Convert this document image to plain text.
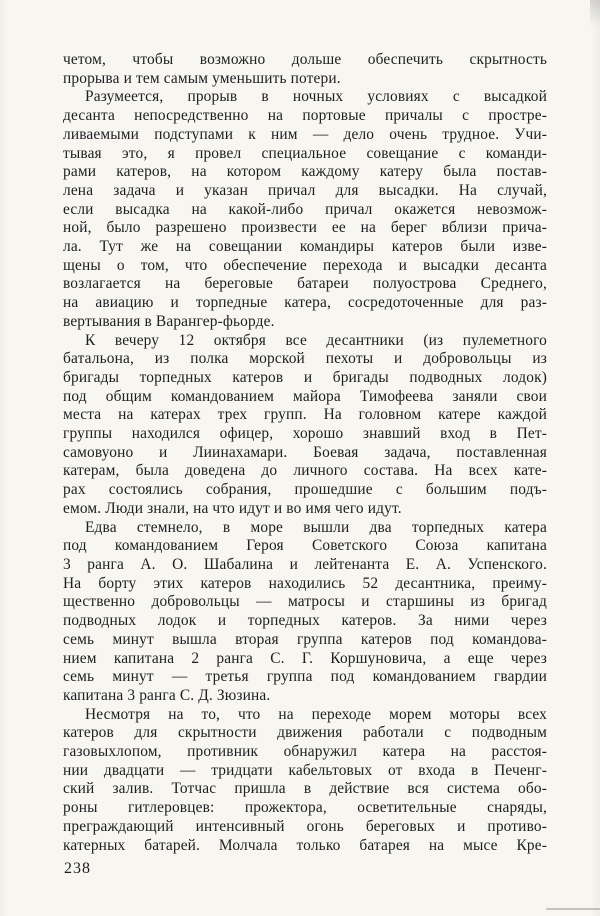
четом, чтобы возможно дольше обеспечить скрытность
прорыва и тем самым уменьшить потери.
Разумеется, прорыв в ночных условиях с высадкой
десанта непосредственно на портовые причалы с простре-
ливаемыми подступами к ним — дело очень трудное. Учи-
тывая это, я провел специальное совещание с команди-
рами катеров, на котором каждому катеру была постав-
лена задача и указан причал для высадки. На случай,
если высадка на какой-либо причал окажется невозмож-
ной, было разрешено произвести ее на берег вблизи прича-
ла. Тут же на совещании командиры катеров были изве-
щены о том, что обеспечение перехода и высадки десанта
возлагается на береговые батареи полуострова Среднего,
на авиацию и торпедные катера, сосредоточенные для раз-
вертывания в Варангер-фьорде.
К вечеру 12 октября все десантники (из пулеметного
батальона, из полка морской пехоты и добровольцы из
бригады торпедных катеров и бригады подводных лодок)
под общим командованием майора Тимофеева заняли свои
места на катерах трех групп. На головном катере каждой
группы находился офицер, хорошо знавший вход в Пет-
самовуоно и Лиинахамари. Боевая задача, поставленная
катерам, была доведена до личного состава. На всех кате-
рах состоялись собрания, прошедшие с большим подъ-
емом. Люди знали, на что идут и во имя чего идут.
Едва стемнело, в море вышли два торпедных катера
под командованием Героя Советского Союза капитана
3 ранга А. О. Шабалина и лейтенанта Е. А. Успенского.
На борту этих катеров находились 52 десантника, преиму-
щественно добровольцы — матросы и старшины из бригад
подводных лодок и торпедных катеров. За ними через
семь минут вышла вторая группа катеров под командова-
нием капитана 2 ранга С. Г. Коршуновича, а еще через
семь минут — третья группа под командованием гвардии
капитана 3 ранга С. Д. Зюзина.
Несмотря на то, что на переходе морем моторы всех
катеров для скрытности движения работали с подводным
газовыхлопом, противник обнаружил катера на расстоя-
нии двадцати — тридцати кабельтовых от входа в Печенг-
ский залив. Тотчас пришла в действие вся система обо-
роны гитлеровцев: прожектора, осветительные снаряды,
преграждающий интенсивный огонь береговых и противо-
катерных батарей. Молчала только батарея на мысе Кре-
238
